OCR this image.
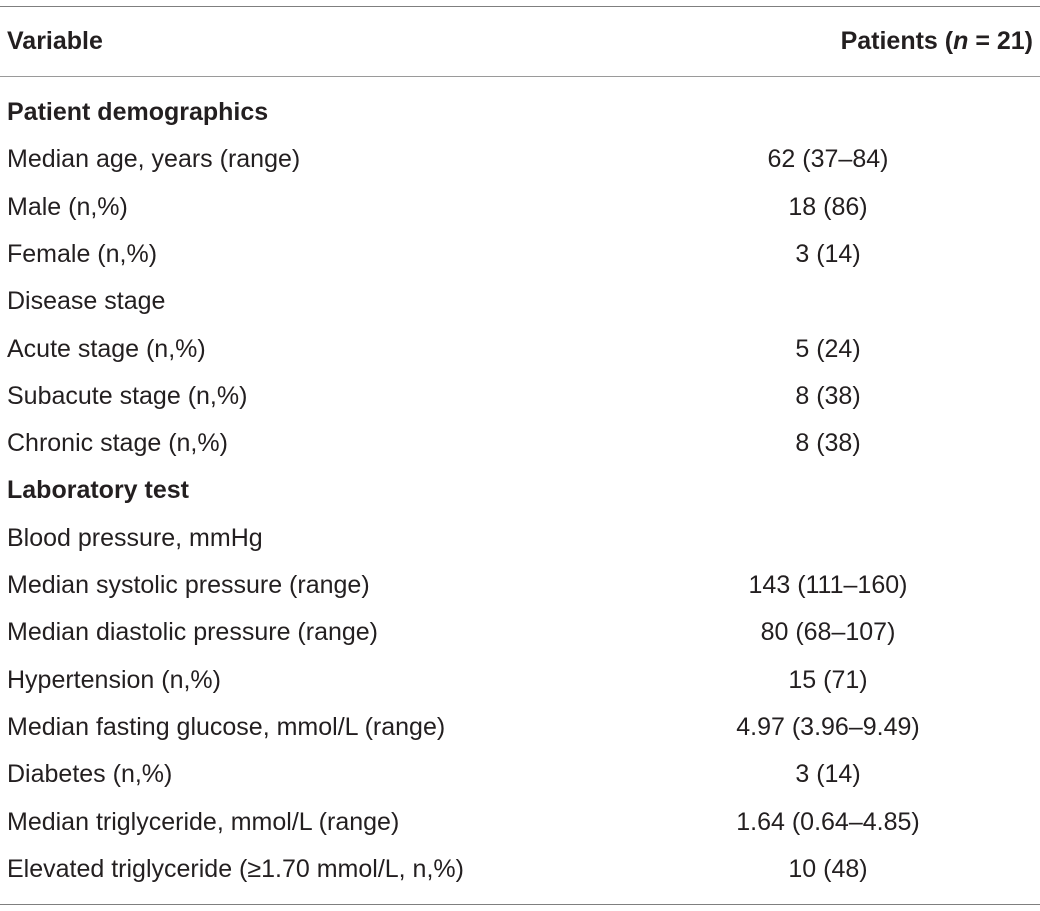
Variable	Patients (n = 21)
Patient demographics
Median age, years (range)	62 (37–84)
Male (n,%)	18 (86)
Female (n,%)	3 (14)
Disease stage
Acute stage (n,%)	5 (24)
Subacute stage (n,%)	8 (38)
Chronic stage (n,%)	8 (38)
Laboratory test
Blood pressure, mmHg
Median systolic pressure (range)	143 (111–160)
Median diastolic pressure (range)	80 (68–107)
Hypertension (n,%)	15 (71)
Median fasting glucose, mmol/L (range)	4.97 (3.96–9.49)
Diabetes (n,%)	3 (14)
Median triglyceride, mmol/L (range)	1.64 (0.64–4.85)
Elevated triglyceride (≥1.70 mmol/L, n,%)	10 (48)
